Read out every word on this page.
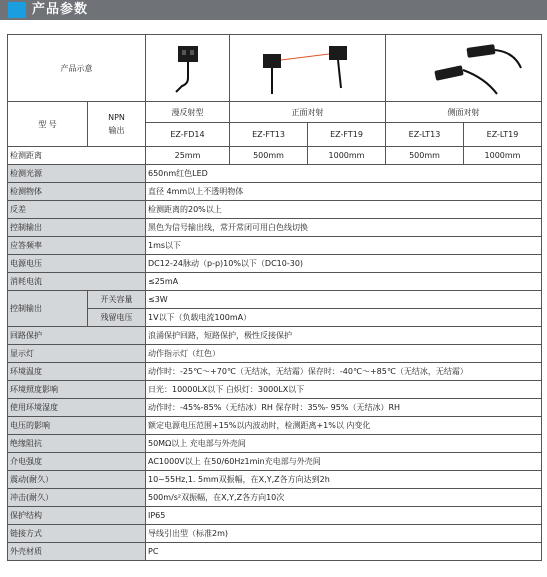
产品参数
产品示意	

型 号	NPN
输出	漫反射型	正面对射		侧面对射	
		EZ-FD14	EZ-FT13	EZ-FT19	EZ-LT13	EZ-LT19
检测距离		25mm	500mm	1000mm	500mm	1000mm
检测光源		650nm红色LED				
检测物体		直径 4mm以上不透明物体				
反差		检测距离的20%以上				
控制输出		黑色为信号输出线，常开常闭可用白色线切换				
应答频率		1ms以下				
电源电压		DC12-24脉动（p-p)10%以下（DC10-30)				
消耗电流		≤25mA				
控制输出	开关容量	≤3W				
	残留电压	1V以下（负载电流100mA）				
回路保护		浪涌保护回路，短路保护，极性反接保护				
显示灯		动作指示灯（红色）				
环境温度		动作时：-25℃～+70℃（无结冰，无结霜）保存时：-40℃～+85℃（无结冰，无结霜）				
环境照度影响		日光：10000LX以下 白炽灯：3000LX以下				
使用环境湿度		动作时：-45%-85%（无结冰）RH 保存时：35%- 95%（无结冰）RH				
电压的影响		额定电源电压范围+15%以内波动时，检测距离+1%以 内变化				
绝缘阻抗		50MΩ以上 充电部与外壳间				
介电强度		AC1000V以上 在50/60Hz1min充电部与外壳间				
震动(耐久）		10~55Hz,1. 5mm双振幅，在X,Y,Z各方向达到2h				
冲击(耐久）		500m/s²双振幅，在X,Y,Z各方向10次				
保护结构		IP65				
链接方式		导线引出型（标准2m)				
外壳材质		PC				
